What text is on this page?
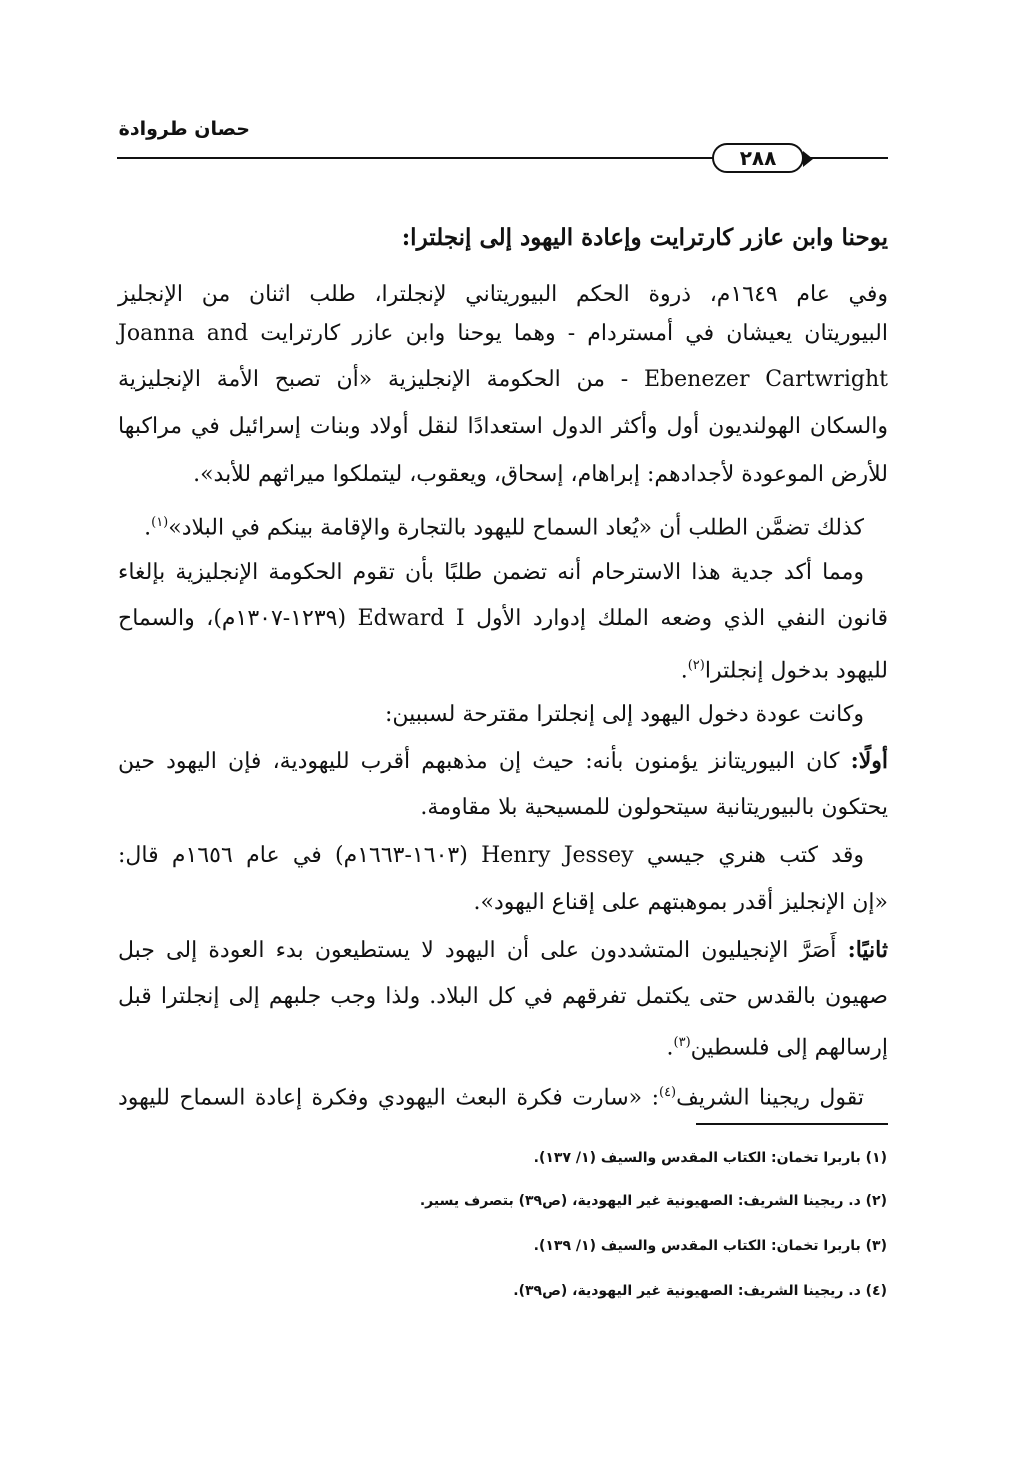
حصان طروادة
٢٨٨
يوحنا وابن عازر كارترايت وإعادة اليهود إلى إنجلترا:
وفي عام ١٦٤٩م، ذروة الحكم البيوريتاني لإنجلترا، طلب اثنان من الإنجليز
البيوريتان يعيشان في أمستردام - وهما يوحنا وابن عازر كارترايت Joanna and
Ebenezer Cartwright - من الحكومة الإنجليزية «أن تصبح الأمة الإنجليزية
والسكان الهولنديون أول وأكثر الدول استعدادًا لنقل أولاد وبنات إسرائيل في مراكبها
للأرض الموعودة لأجدادهم: إبراهام، إسحاق، ويعقوب، ليتملكوا ميراثهم للأبد».
كذلك تضمَّن الطلب أن «يُعاد السماح لليهود بالتجارة والإقامة بينكم في البلاد»$^{(١)}$.
ومما أكد جدية هذا الاسترحام أنه تضمن طلبًا بأن تقوم الحكومة الإنجليزية بإلغاء
قانون النفي الذي وضعه الملك إدوارد الأول Edward I (١٢٣٩-١٣٠٧م)، والسماح
لليهود بدخول إنجلترا$^{(٢)}$.
وكانت عودة دخول اليهود إلى إنجلترا مقترحة لسببين:
أولًا: كان البيوريتانز يؤمنون بأنه: حيث إن مذهبهم أقرب لليهودية، فإن اليهود حين
يحتكون بالبيوريتانية سيتحولون للمسيحية بلا مقاومة.
وقد كتب هنري جيسي Henry Jessey (١٦٠٣-١٦٦٣م) في عام ١٦٥٦م قال:
«إن الإنجليز أقدر بموهبتهم على إقناع اليهود».
ثانيًا: أَصَرَّ الإنجيليون المتشددون على أن اليهود لا يستطيعون بدء العودة إلى جبل
صهيون بالقدس حتى يكتمل تفرقهم في كل البلاد. ولذا وجب جلبهم إلى إنجلترا قبل
إرسالهم إلى فلسطين$^{(٣)}$.
تقول ريجينا الشريف$^{(٤)}$: «سارت فكرة البعث اليهودي وفكرة إعادة السماح لليهود
(١) باربرا تخمان: الكتاب المقدس والسيف (١/ ١٣٧).
(٢) د. ريجينا الشريف: الصهيونية غير اليهودية، (ص٣٩) بتصرف يسير.
(٣) باربرا تخمان: الكتاب المقدس والسيف (١/ ١٣٩).
(٤) د. ريجينا الشريف: الصهيونية غير اليهودية، (ص٣٩).
